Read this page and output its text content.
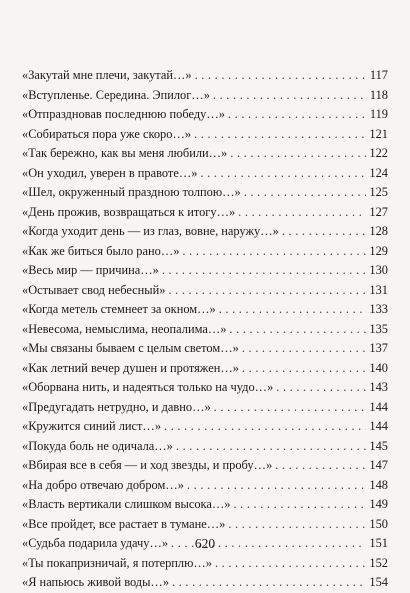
«Закутай мне плечи, закутай…» . . .	117
«Вступленье. Середина. Эпилог…» . . .	118
«Отпраздновав последнюю победу…» . . .	119
«Собираться пора уже скоро…» . . .	121
«Так бережно, как вы меня любили…» . . .	122
«Он уходил, уверен в правоте…» . . .	124
«Шел, окруженный праздною толпою…» . . .	125
«День прожив, возвращаться к итогу…» . . .	127
«Когда уходит день — из глаз, вовне, наружу…» . . .	128
«Как же биться было рано…» . . .	129
«Весь мир — причина…» . . .	130
«Остывает свод небесный» . . .	131
«Когда метель стемнеет за окном…» . . .	133
«Невесома, немыслима, неопалима…» . . .	135
«Мы связаны бываем с целым светом…» . . .	137
«Как летний вечер душен и протяжен…» . . .	140
«Оборвана нить, и надеяться только на чудо…» . . .	143
«Предугадать нетрудно, и давно…» . . .	144
«Кружится синий лист…» . . .	144
«Покуда боль не одичала…» . . .	145
«Вбирая все в себя — и ход звезды, и пробу…» . . .	147
«На добро отвечаю добром…» . . .	148
«Власть вертикали слишком высока…» . . .	149
«Все пройдет, все растает в тумане…» . . .	150
«Судьба подарила удачу…» . . .	151
«Ты покапризничай, я потерплю…» . . .	152
«Я напьюсь живой воды…» . . .	154
620
